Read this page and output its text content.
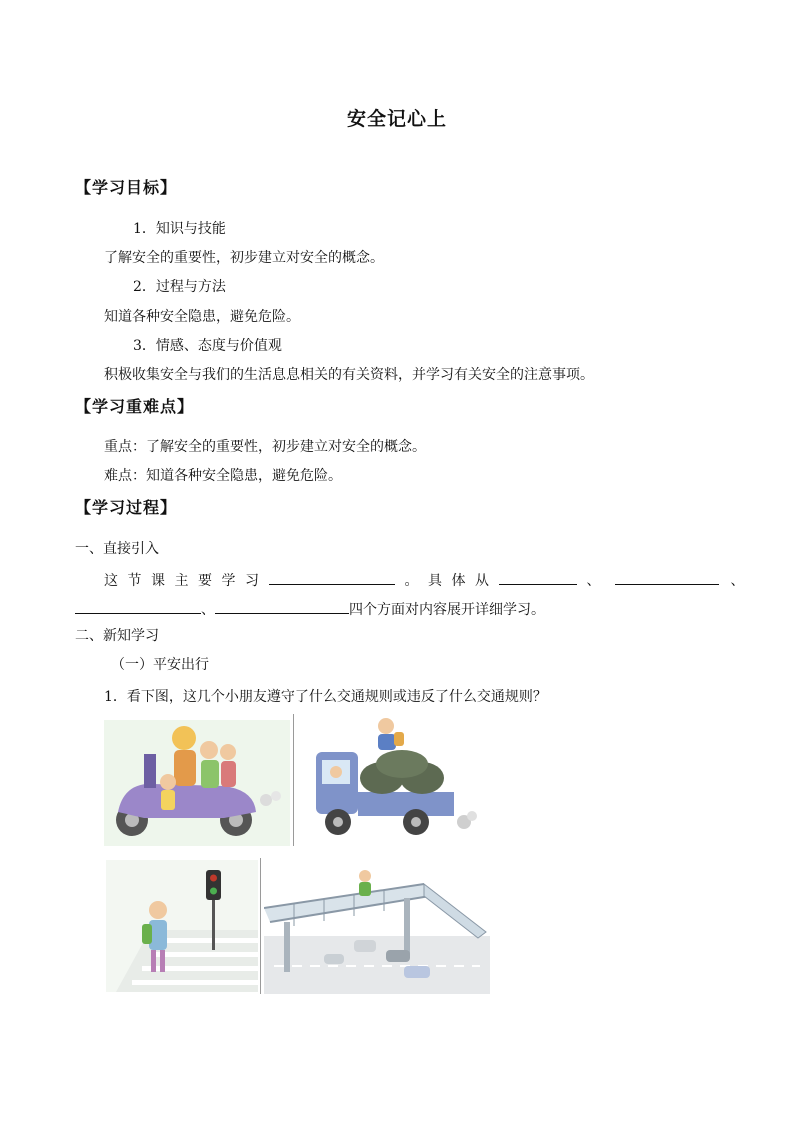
安全记心上
【学习目标】
1．知识与技能
了解安全的重要性，初步建立对安全的概念。
2．过程与方法
知道各种安全隐患，避免危险。
3．情感、态度与价值观
积极收集安全与我们的生活息息相关的有关资料，并学习有关安全的注意事项。
【学习重难点】
重点：了解安全的重要性，初步建立对安全的概念。
难点：知道各种安全隐患，避免危险。
【学习过程】
一、直接引入
这节课主要学习	。具体从	、	、
、	四个方面对内容展开详细学习。
二、新知学习
（一）平安出行
1．看下图，这几个小朋友遵守了什么交通规则或违反了什么交通规则？
